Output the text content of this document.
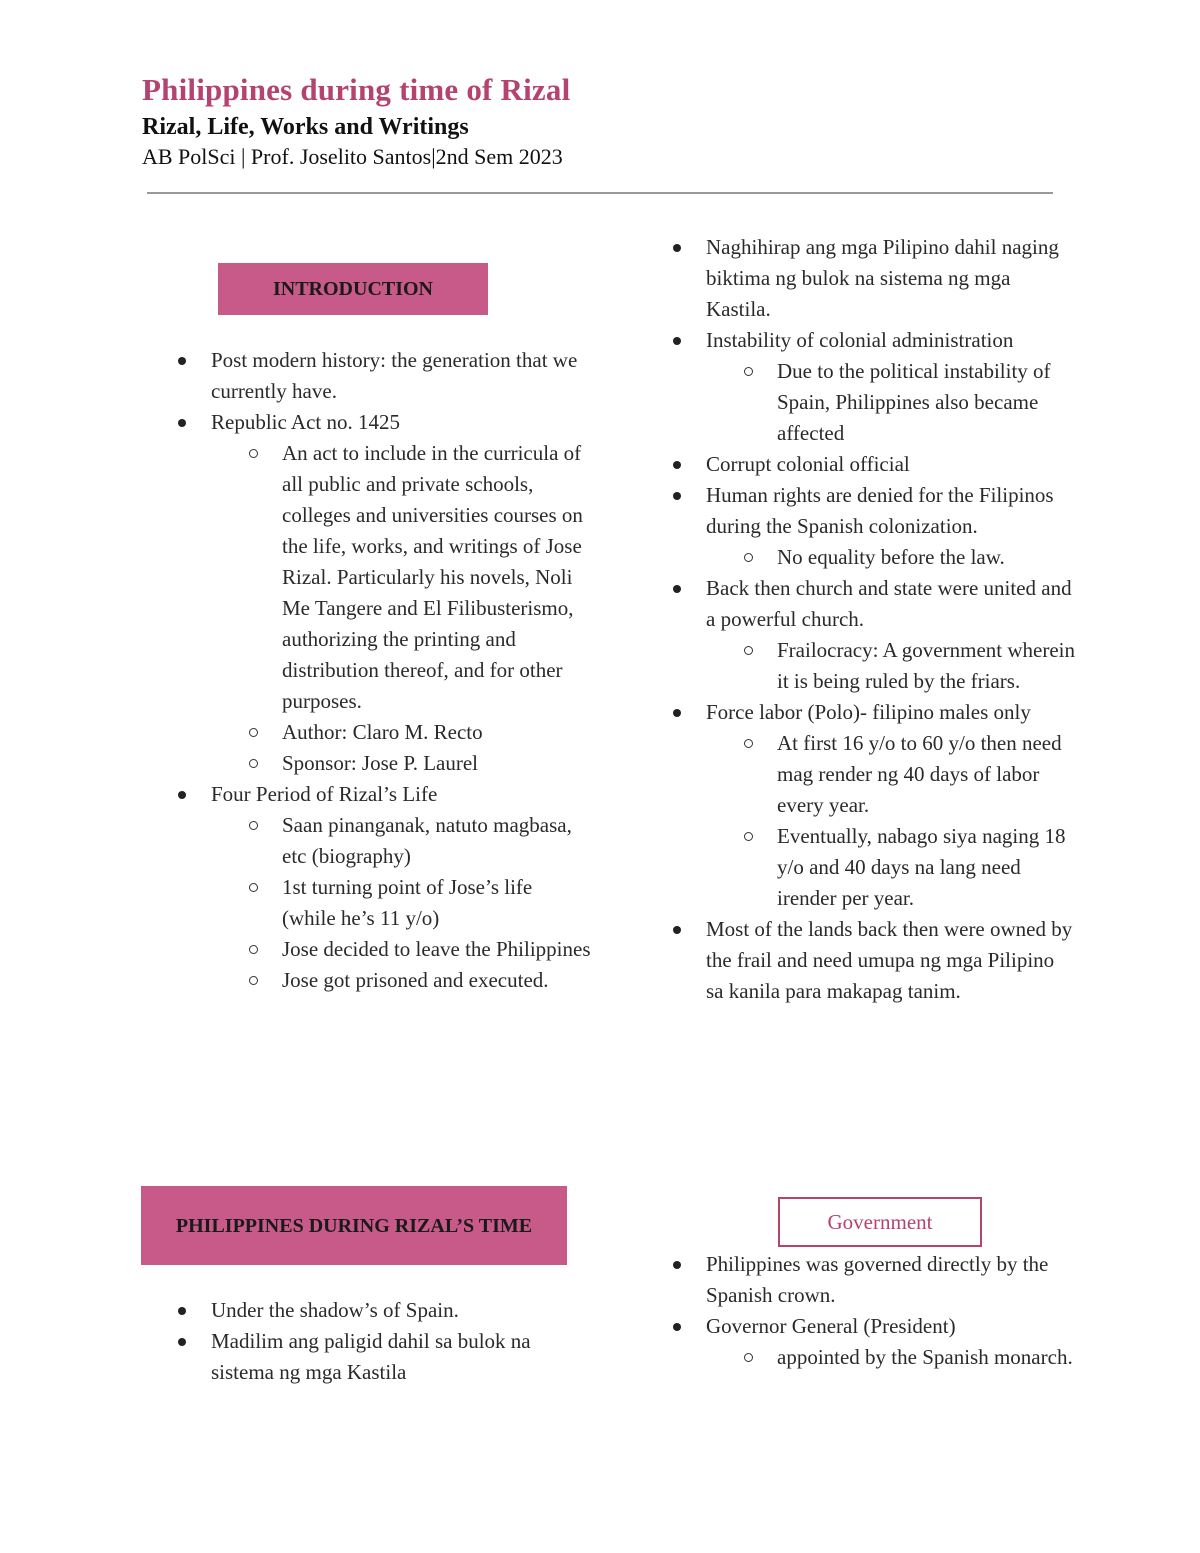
Philippines during time of Rizal
Rizal, Life, Works and Writings
AB PolSci | Prof. Joselito Santos|2nd Sem 2023
INTRODUCTION
Post modern history: the generation that we currently have.
Republic Act no. 1425
An act to include in the curricula of all public and private schools, colleges and universities courses on the life, works, and writings of Jose Rizal. Particularly his novels, Noli Me Tangere and El Filibusterismo, authorizing the printing and distribution thereof, and for other purposes.
Author: Claro M. Recto
Sponsor: Jose P. Laurel
Four Period of Rizal’s Life
Saan pinanganak, natuto magbasa, etc (biography)
1st turning point of Jose’s life (while he’s 11 y/o)
Jose decided to leave the Philippines
Jose got prisoned and executed.
PHILIPPINES DURING RIZAL’S TIME
Under the shadow’s of Spain.
Madilim ang paligid dahil sa bulok na sistema ng mga Kastila
Naghihirap ang mga Pilipino dahil naging biktima ng bulok na sistema ng mga Kastila.
Instability of colonial administration
Due to the political instability of Spain, Philippines also became affected
Corrupt colonial official
Human rights are denied for the Filipinos during the Spanish colonization.
No equality before the law.
Back then church and state were united and a powerful church.
Frailocracy: A government wherein it is being ruled by the friars.
Force labor (Polo)- filipino males only
At first 16 y/o to 60 y/o then need mag render ng 40 days of labor every year.
Eventually, nabago siya naging 18 y/o and 40 days na lang need irender per year.
Most of the lands back then were owned by the frail and need umupa ng mga Pilipino sa kanila para makapag tanim.
Government
Philippines was governed directly by the Spanish crown.
Governor General (President)
appointed by the Spanish monarch.
